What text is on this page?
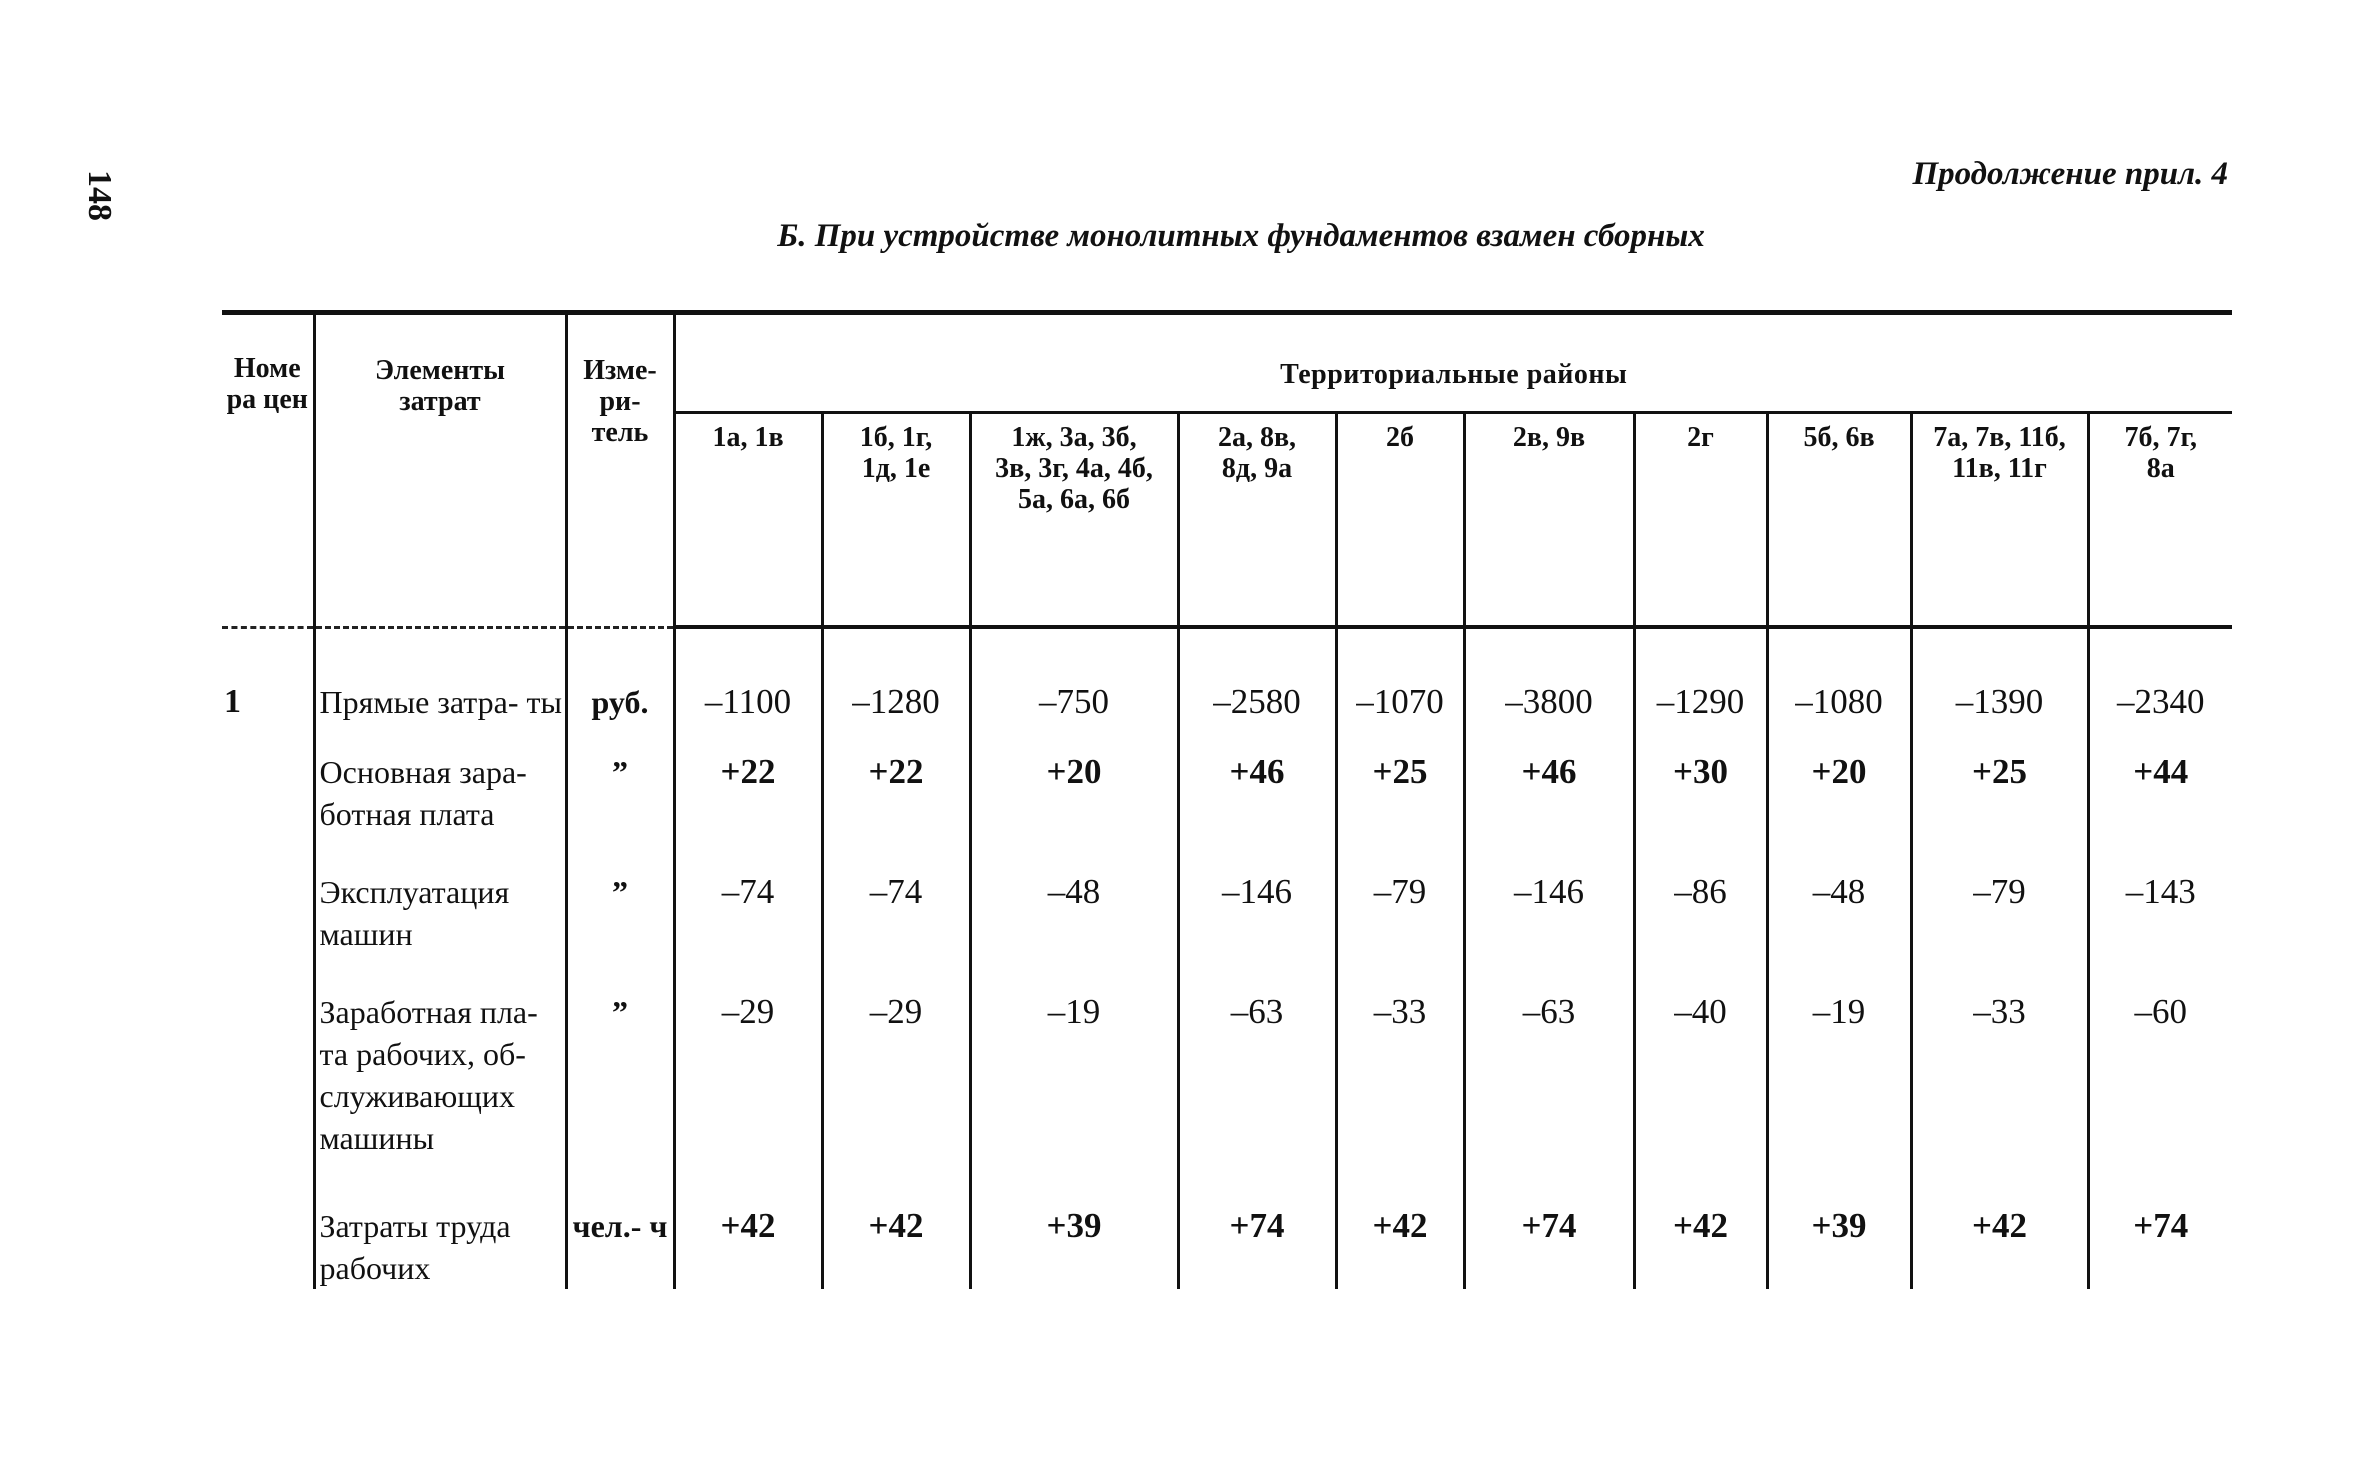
148	Продолжение прил. 4
Б. При устройстве монолитных фундаментов взамен сборных
Номе ра цен	Элементы затрат	Изме- ри- тель	Территориальные районы									
			1а, 1в	1б, 1г, 1д, 1е	1ж, 3а, 3б, 3в, 3г, 4а, 4б, 5а, 6а, 6б	2а, 8в, 8д, 9а	2б	2в, 9в	2г	5б, 6в	7а, 7в, 11б, 11в, 11г	7б, 7г, 8а

1	Прямые затра- ты	руб.	–1100	–1280	–750	–2580	–1070	–3800	–1290	–1080	–1390	–2340
	Основная зара- ботная плата	”	+22	+22	+20	+46	+25	+46	+30	+20	+25	+44
	Эксплуатация машин	”	–74	–74	–48	–146	–79	–146	–86	–48	–79	–143
	Заработная пла- та рабочих, об- служивающих машины	”	–29	–29	–19	–63	–33	–63	–40	–19	–33	–60
	Затраты труда рабочих	чел.- ч	+42	+42	+39	+74	+42	+74	+42	+39	+42	+74
